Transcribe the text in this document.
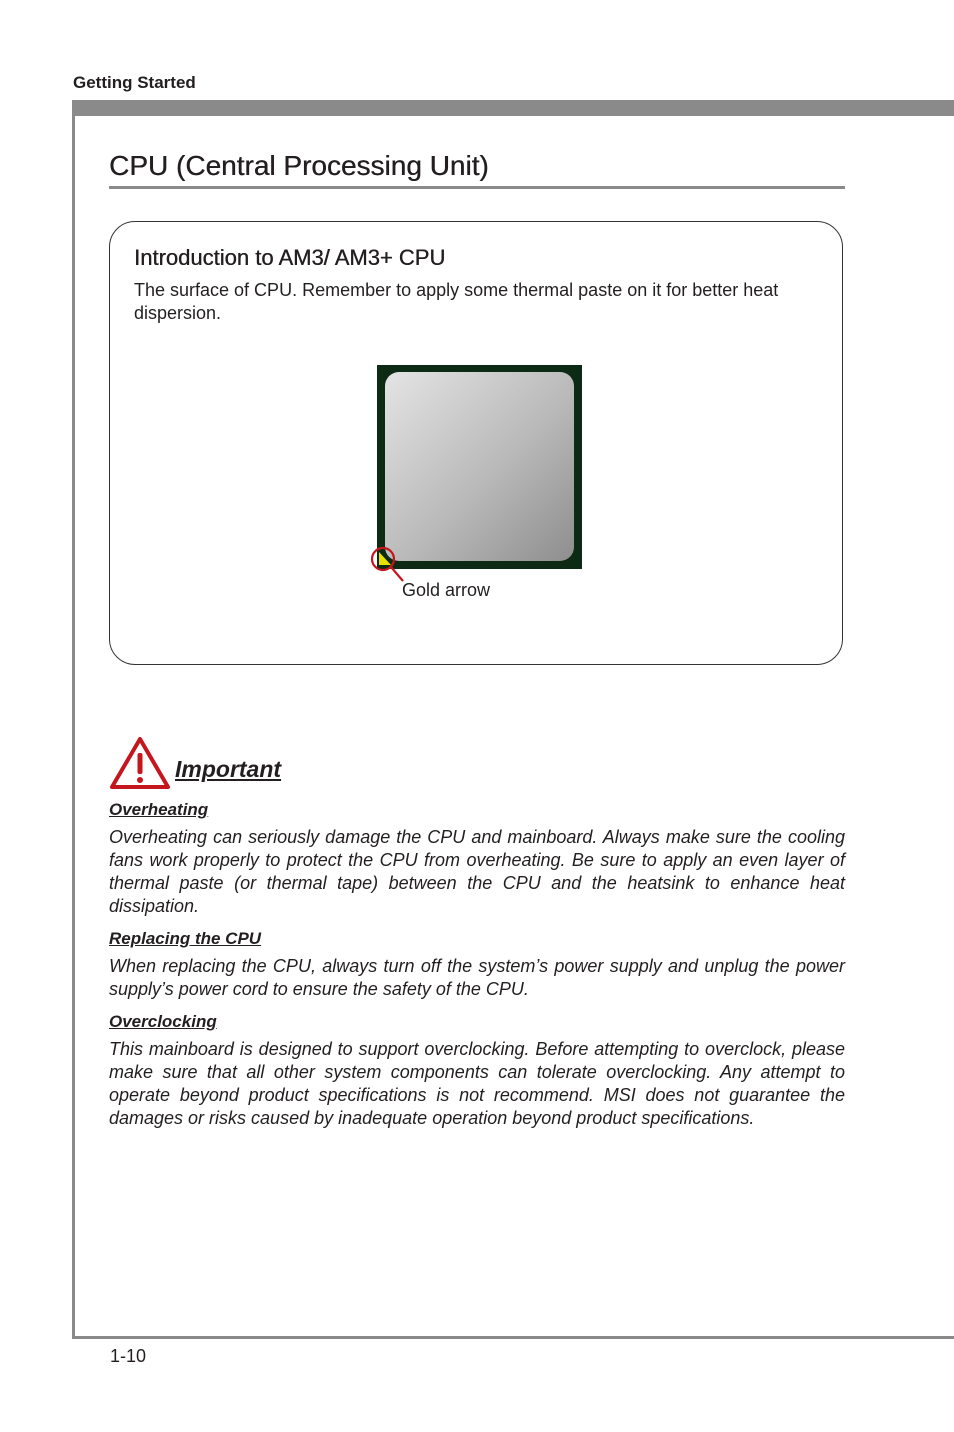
Getting Started
CPU (Central Processing Unit)
Introduction to AM3/ AM3+ CPU
The surface of CPU. Remember to apply some thermal paste on it for better heat dispersion.
Gold arrow
Important
Overheating
Overheating can seriously damage the CPU and mainboard. Always make sure the cooling fans work properly to protect the CPU from overheating. Be sure to apply an even layer of thermal paste (or thermal tape) between the CPU and the heatsink to enhance heat dissipation.
Replacing the CPU
When replacing the CPU, always turn off the system’s power supply and unplug the power supply’s power cord to ensure the safety of the CPU.
Overclocking
This mainboard is designed to support overclocking. Before attempting to overclock, please make sure that all other system components can tolerate overclocking. Any attempt to operate beyond product specifications is not recommend. MSI does not guarantee the damages or risks caused by inadequate operation beyond product specifications.
1-10
